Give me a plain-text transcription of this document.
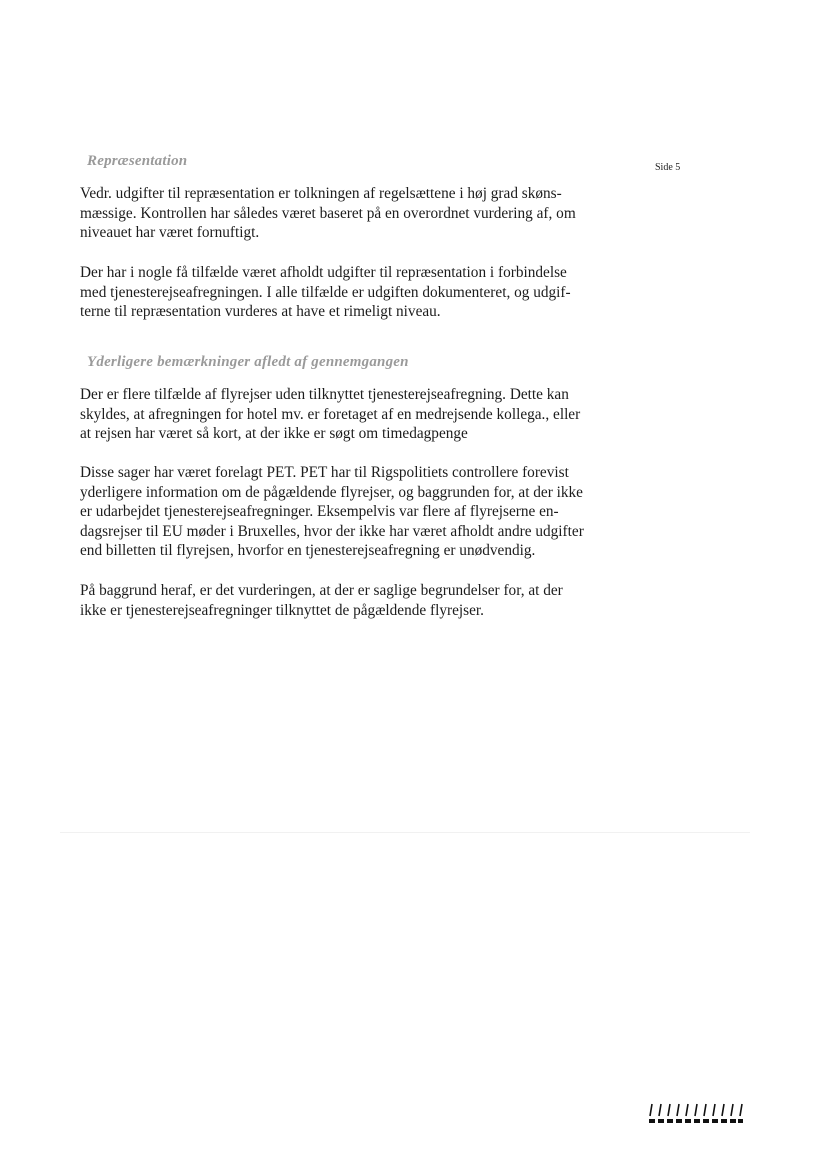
Side 5
Repræsentation
Vedr. udgifter til repræsentation er tolkningen af regelsættene i høj grad skøns-
mæssige. Kontrollen har således været baseret på en overordnet vurdering af, om
niveauet har været fornuftigt.
Der har i nogle få tilfælde været afholdt udgifter til repræsentation i forbindelse
med tjenesterejseafregningen. I alle tilfælde er udgiften dokumenteret, og udgif-
terne til repræsentation vurderes at have et rimeligt niveau.
Yderligere bemærkninger afledt af gennemgangen
Der er flere tilfælde af flyrejser uden tilknyttet tjenesterejseafregning. Dette kan
skyldes, at afregningen for hotel mv. er foretaget af en medrejsende kollega., eller
at rejsen har været så kort, at der ikke er søgt om timedagpenge
Disse sager har været forelagt PET. PET har til Rigspolitiets controllere forevist
yderligere information om de pågældende flyrejser, og baggrunden for, at der ikke
er udarbejdet tjenesterejseafregninger. Eksempelvis var flere af flyrejserne en-
dagsrejser til EU møder i Bruxelles, hvor der ikke har været afholdt andre udgifter
end billetten til flyrejsen, hvorfor en tjenesterejseafregning er unødvendig.
På baggrund heraf, er det vurderingen, at der er saglige begrundelser for, at der
ikke er tjenesterejseafregninger tilknyttet de pågældende flyrejser.
